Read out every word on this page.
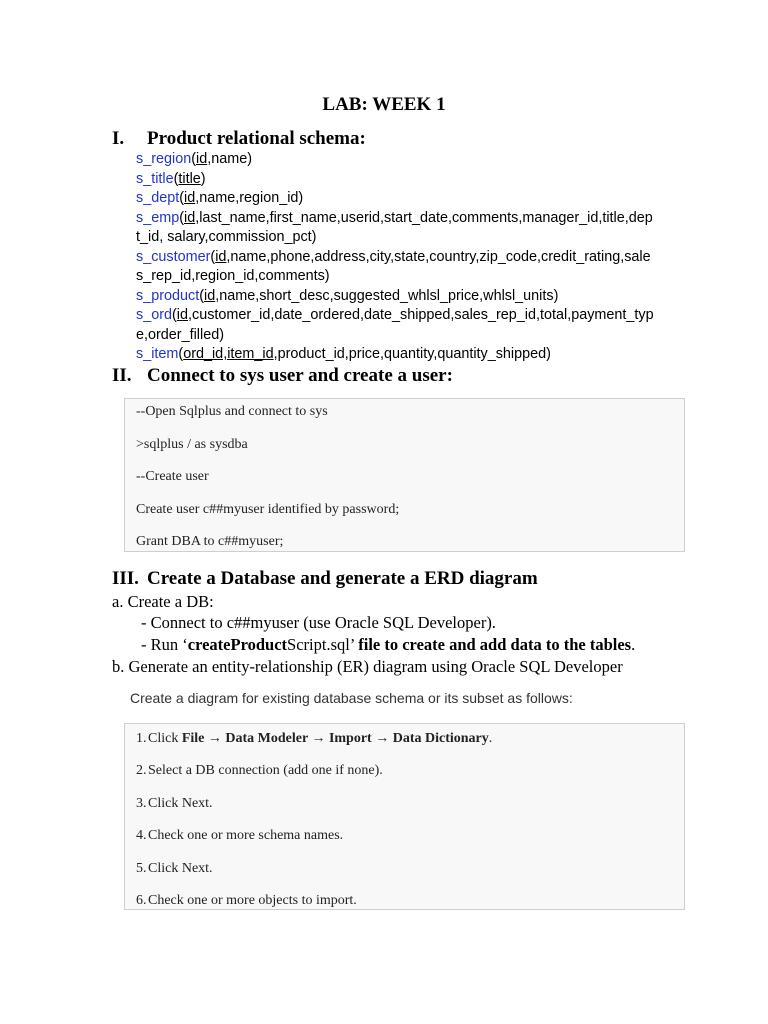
LAB: WEEK 1
I. Product relational schema:

s_region(id,name)

s_title(title)

s_dept(id,name,region_id)

s_emp(id,last_name,first_name,userid,start_date,comments,manager_id,title,dep

t_id, salary,commission_pct)

s_customer(id,name,phone,address,city,state,country,zip_code,credit_rating,sale

s_rep_id,region_id,comments)

s_product(id,name,short_desc,suggested_whlsl_price,whlsl_units)

s_ord(id,customer_id,date_ordered,date_shipped,sales_rep_id,total,payment_typ

e,order_filled)

s_item(ord_id,item_id,product_id,price,quantity,quantity_shipped)

II. Connect to sys user and create a user:

--Open Sqlplus and connect to sys

>sqlplus / as sysdba

--Create user

Create user c##myuser identified by password;

Grant DBA to c##myuser;

III. Create a Database and generate a ERD diagram
a. Create a DB:
- Connect to c##myuser (use Oracle SQL Developer).
- Run ‘createProductScript.sql’ file to create and add data to the tables.
b. Generate an entity-relationship (ER) diagram using Oracle SQL Developer
Create a diagram for existing database schema or its subset as follows:

1. Click File → Data Modeler → Import → Data Dictionary.

2. Select a DB connection (add one if none).

3. Click Next.

4. Check one or more schema names.

5. Click Next.

6. Check one or more objects to import.
